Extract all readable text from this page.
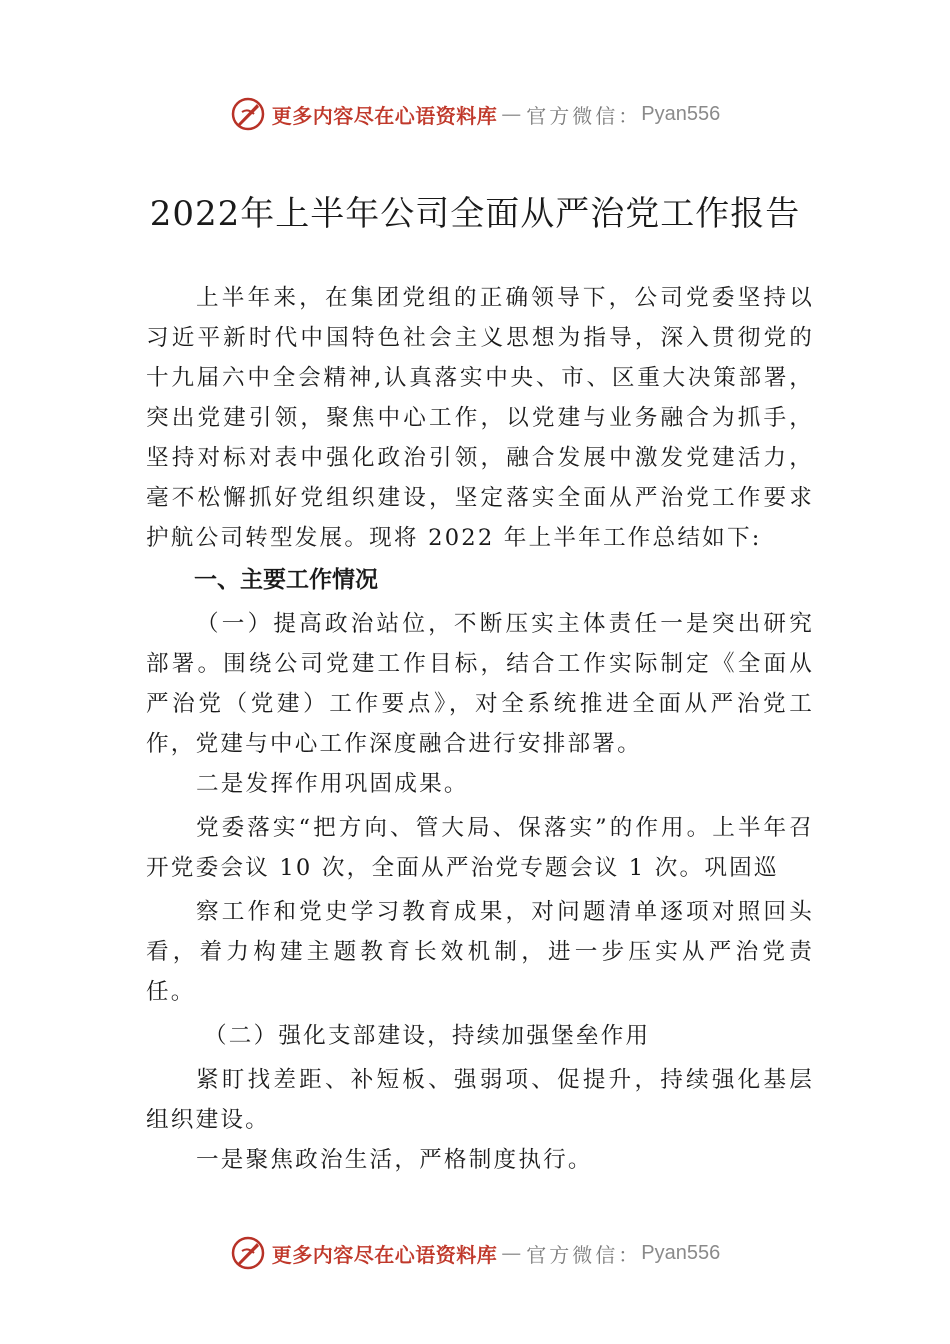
更多内容尽在心语资料库 — 官方微信： Pyan556
2022年上半年公司全面从严治党工作报告

上半年来，在集团党组的正确领导下，公司党委坚持以习近平新时代中国特色社会主义思想为指导，深入贯彻党的十九届六中全会精神,认真落实中央、市、区重大决策部署，突出党建引领，聚焦中心工作，以党建与业务融合为抓手，坚持对标对表中强化政治引领，融合发展中激发党建活力，毫不松懈抓好党组织建设，坚定落实全面从严治党工作要求护航公司转型发展。现将 2022 年上半年工作总结如下:

一、主要工作情况

（一）提高政治站位，不断压实主体责任一是突出研究部署。围绕公司党建工作目标，结合工作实际制定《全面从严治党（党建）工作要点》，对全系统推进全面从严治党工作，党建与中心工作深度融合进行安排部署。

二是发挥作用巩固成果。

党委落实“把方向、管大局、保落实”的作用。上半年召开党委会议 10 次，全面从严治党专题会议 1 次。巩固巡

察工作和党史学习教育成果，对问题清单逐项对照回头看，着力构建主题教育长效机制，进一步压实从严治党责任。

（二）强化支部建设，持续加强堡垒作用

紧盯找差距、补短板、强弱项、促提升，持续强化基层组织建设。

一是聚焦政治生活，严格制度执行。

更多内容尽在心语资料库 — 官方微信： Pyan556
